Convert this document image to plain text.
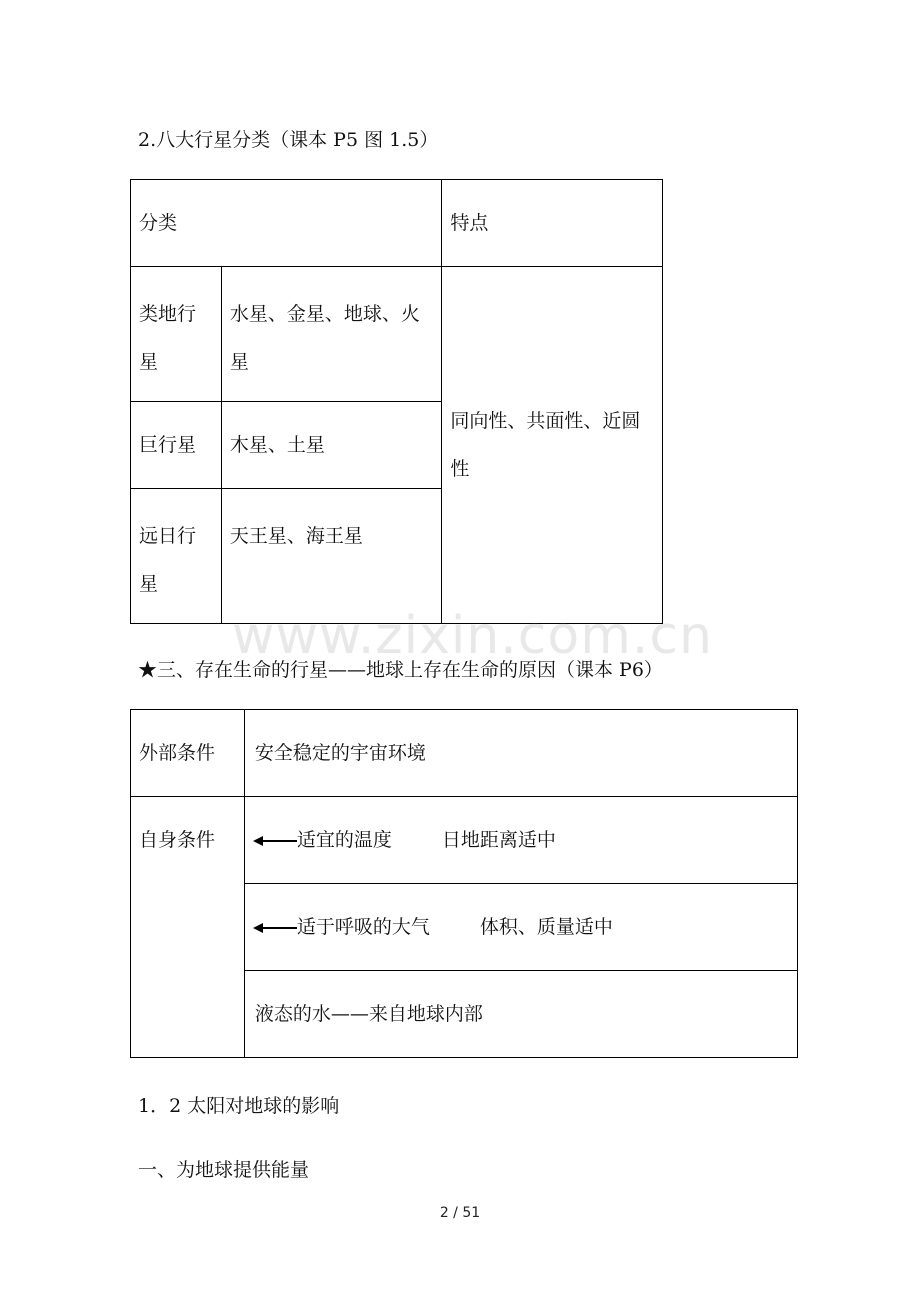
2.八大行星分类（课本 P5 图 1.5）
分类		特点
类地行星	水星、金星、地球、火星	同向性、共面性、近圆性
巨行星	木星、土星	
远日行星	天王星、海王星	
www.zixin.com.cn
★三、存在生命的行星——地球上存在生命的原因（课本 P6）
外部条件	安全稳定的宇宙环境
自身条件	适宜的温度 日地距离适中
	适于呼吸的大气 体积、质量适中
	液态的水——来自地球内部
1．2 太阳对地球的影响
一、为地球提供能量
2 / 51
